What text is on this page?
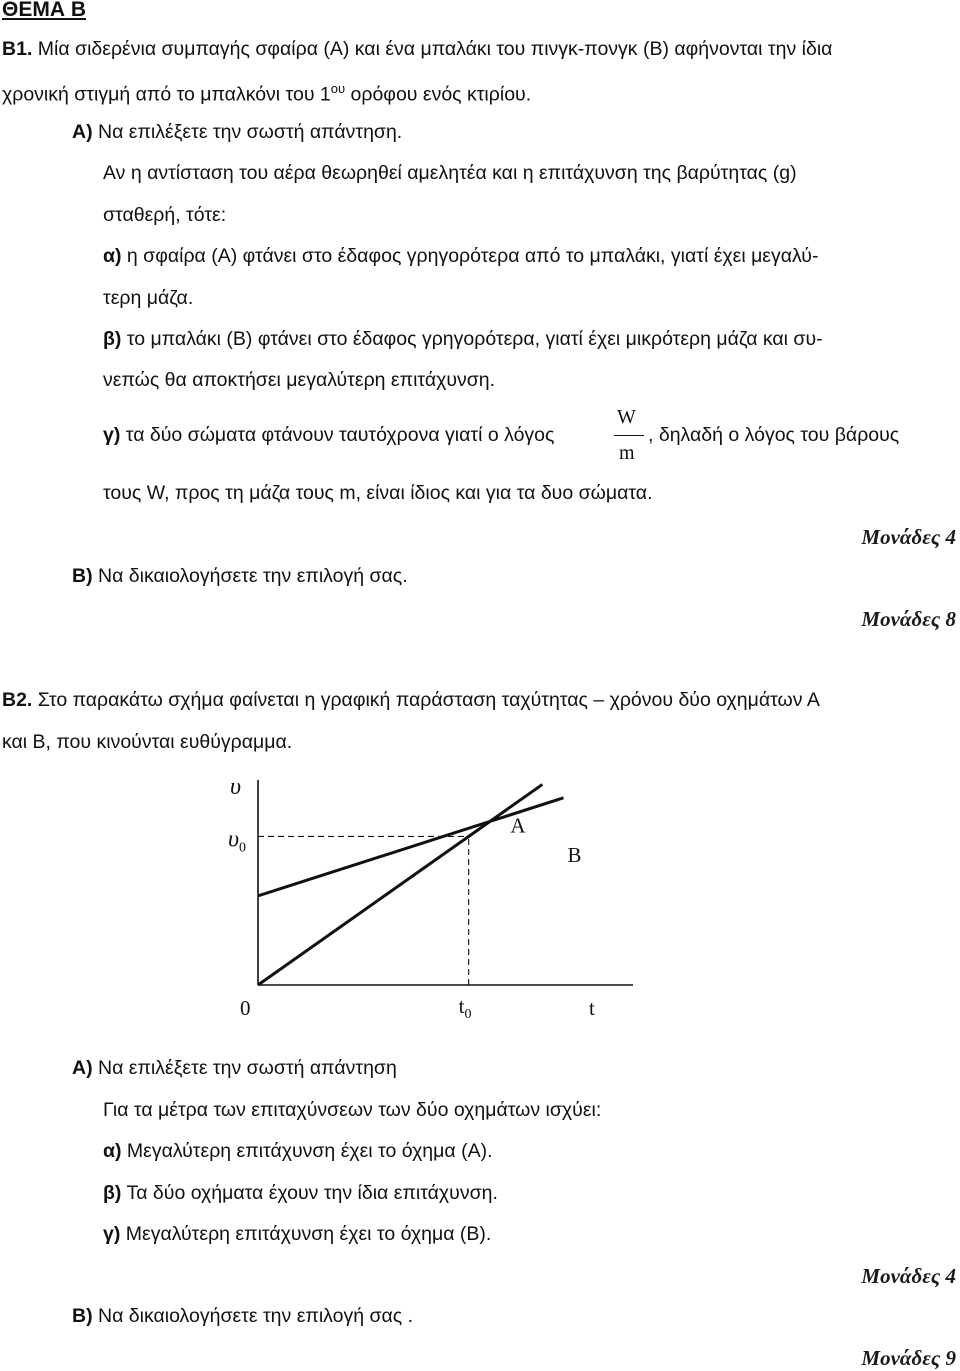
ΘΕΜΑ Β
Β1. Μία σιδερένια συμπαγής σφαίρα (Α) και ένα μπαλάκι του πινγκ-πονγκ (Β) αφήνονται την ίδια
χρονική στιγμή από το μπαλκόνι του $1^{o\upsilon}$ ορόφου ενός κτιρίου.
Α) Να επιλέξετε την σωστή απάντηση.
Αν η αντίσταση του αέρα θεωρηθεί αμελητέα και η επιτάχυνση της βαρύτητας (g)
σταθερή, τότε:
α) η σφαίρα (Α) φτάνει στο έδαφος γρηγορότερα από το μπαλάκι, γιατί έχει μεγαλύ-
τερη μάζα.
β) το μπαλάκι (Β) φτάνει στο έδαφος γρηγορότερα, γιατί έχει μικρότερη μάζα και συ-
νεπώς θα αποκτήσει μεγαλύτερη επιτάχυνση.
γ) τα δύο σώματα φτάνουν ταυτόχρονα γιατί ο λόγος
W
m
, δηλαδή ο λόγος του βάρους
τους W, προς τη μάζα τους m, είναι ίδιος και για τα δυο σώματα.
Μονάδες 4
Β) Να δικαιολογήσετε την επιλογή σας.
Μονάδες 8
Β2. Στο παρακάτω σχήμα φαίνεται η γραφική παράσταση ταχύτητας – χρόνου δύο οχημάτων Α
και Β, που κινούνται ευθύγραμμα.
A
B
υ
$\upsilon_0$
0	$t_0$	t
Α) Να επιλέξετε την σωστή απάντηση
Για τα μέτρα των επιταχύνσεων των δύο οχημάτων ισχύει:
α) Μεγαλύτερη επιτάχυνση έχει το όχημα (Α).
β) Τα δύο οχήματα έχουν την ίδια επιτάχυνση.
γ) Μεγαλύτερη επιτάχυνση έχει το όχημα (Β).
Μονάδες 4
Β) Να δικαιολογήσετε την επιλογή σας .
Μονάδες 9
